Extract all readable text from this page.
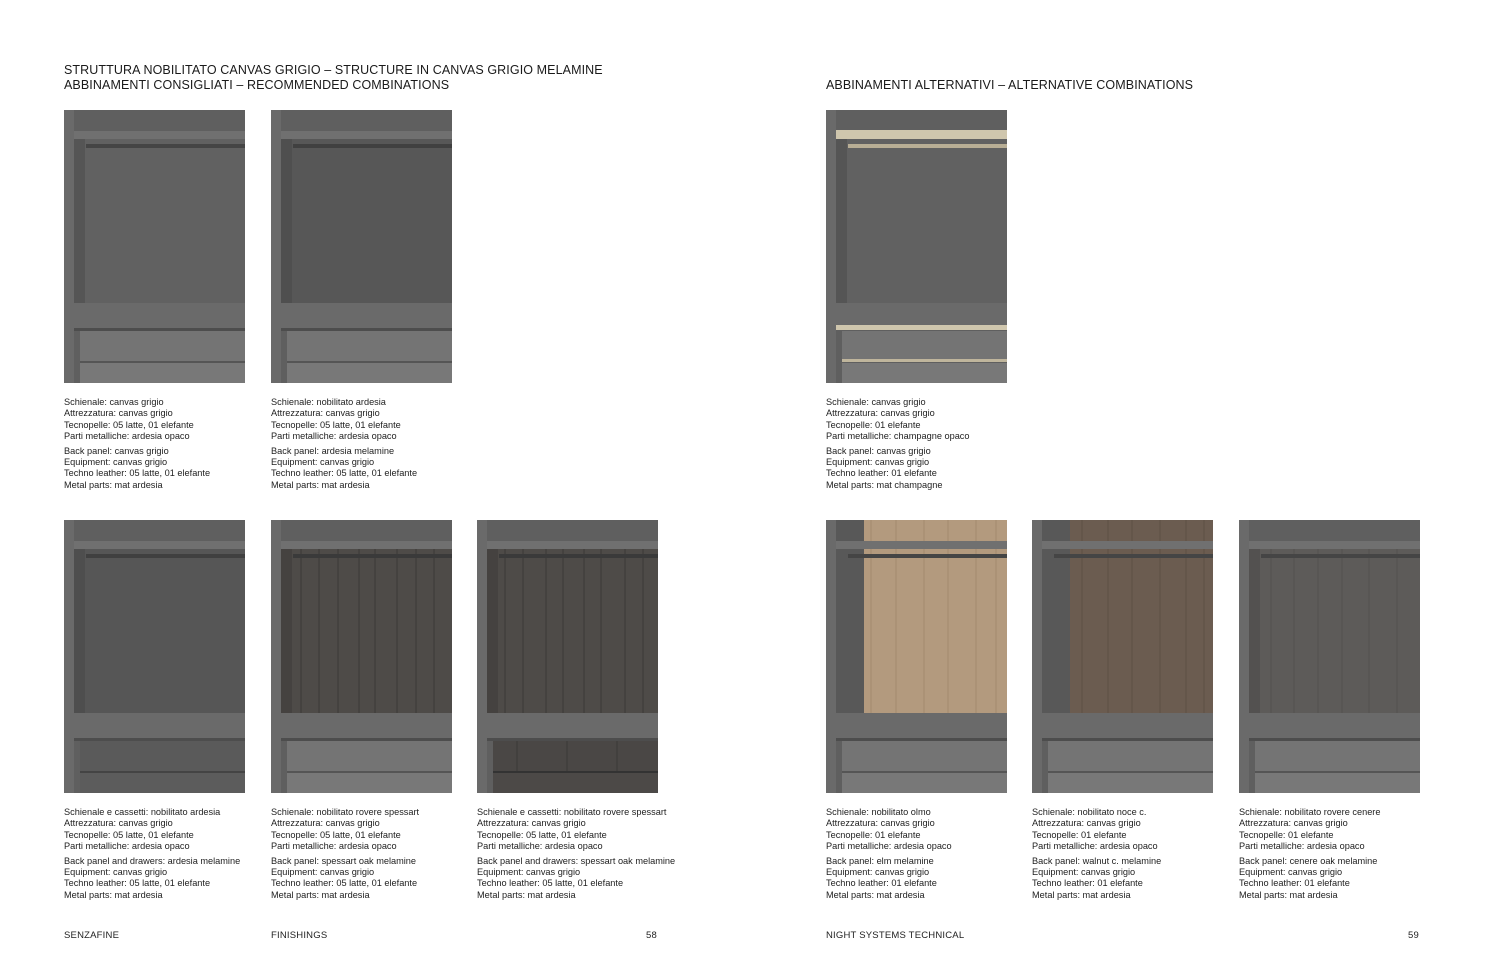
STRUTTURA NOBILITATO CANVAS GRIGIO – STRUCTURE IN CANVAS GRIGIO MELAMINE
ABBINAMENTI CONSIGLIATI – RECOMMENDED COMBINATIONS
Schienale: canvas grigio
Attrezzatura: canvas grigio
Tecnopelle: 05 latte, 01 elefante
Parti metalliche: ardesia opaco
Back panel: canvas grigio
Equipment: canvas grigio
Techno leather: 05 latte, 01 elefante
Metal parts: mat ardesia
Schienale: nobilitato ardesia
Attrezzatura: canvas grigio
Tecnopelle: 05 latte, 01 elefante
Parti metalliche: ardesia opaco
Back panel: ardesia melamine
Equipment: canvas grigio
Techno leather: 05 latte, 01 elefante
Metal parts: mat ardesia
Schienale e cassetti: nobilitato ardesia
Attrezzatura: canvas grigio
Tecnopelle: 05 latte, 01 elefante
Parti metalliche: ardesia opaco
Back panel and drawers: ardesia melamine
Equipment: canvas grigio
Techno leather: 05 latte, 01 elefante
Metal parts: mat ardesia
Schienale: nobilitato rovere spessart
Attrezzatura: canvas grigio
Tecnopelle: 05 latte, 01 elefante
Parti metalliche: ardesia opaco
Back panel: spessart oak melamine
Equipment: canvas grigio
Techno leather: 05 latte, 01 elefante
Metal parts: mat ardesia
Schienale e cassetti: nobilitato rovere spessart
Attrezzatura: canvas grigio
Tecnopelle: 05 latte, 01 elefante
Parti metalliche: ardesia opaco
Back panel and drawers: spessart oak melamine
Equipment: canvas grigio
Techno leather: 05 latte, 01 elefante
Metal parts: mat ardesia
SENZAFINE	FINISHINGS	58
ABBINAMENTI ALTERNATIVI – ALTERNATIVE COMBINATIONS
Schienale: canvas grigio
Attrezzatura: canvas grigio
Tecnopelle: 01 elefante
Parti metalliche: champagne opaco
Back panel: canvas grigio
Equipment: canvas grigio
Techno leather: 01 elefante
Metal parts: mat champagne
Schienale: nobilitato olmo
Attrezzatura: canvas grigio
Tecnopelle: 01 elefante
Parti metalliche: ardesia opaco
Back panel: elm melamine
Equipment: canvas grigio
Techno leather: 01 elefante
Metal parts: mat ardesia
Schienale: nobilitato noce c.
Attrezzatura: canvas grigio
Tecnopelle: 01 elefante
Parti metalliche: ardesia opaco
Back panel: walnut c. melamine
Equipment: canvas grigio
Techno leather: 01 elefante
Metal parts: mat ardesia
Schienale: nobilitato rovere cenere
Attrezzatura: canvas grigio
Tecnopelle: 01 elefante
Parti metalliche: ardesia opaco
Back panel: cenere oak melamine
Equipment: canvas grigio
Techno leather: 01 elefante
Metal parts: mat ardesia
NIGHT SYSTEMS TECHNICAL	59
